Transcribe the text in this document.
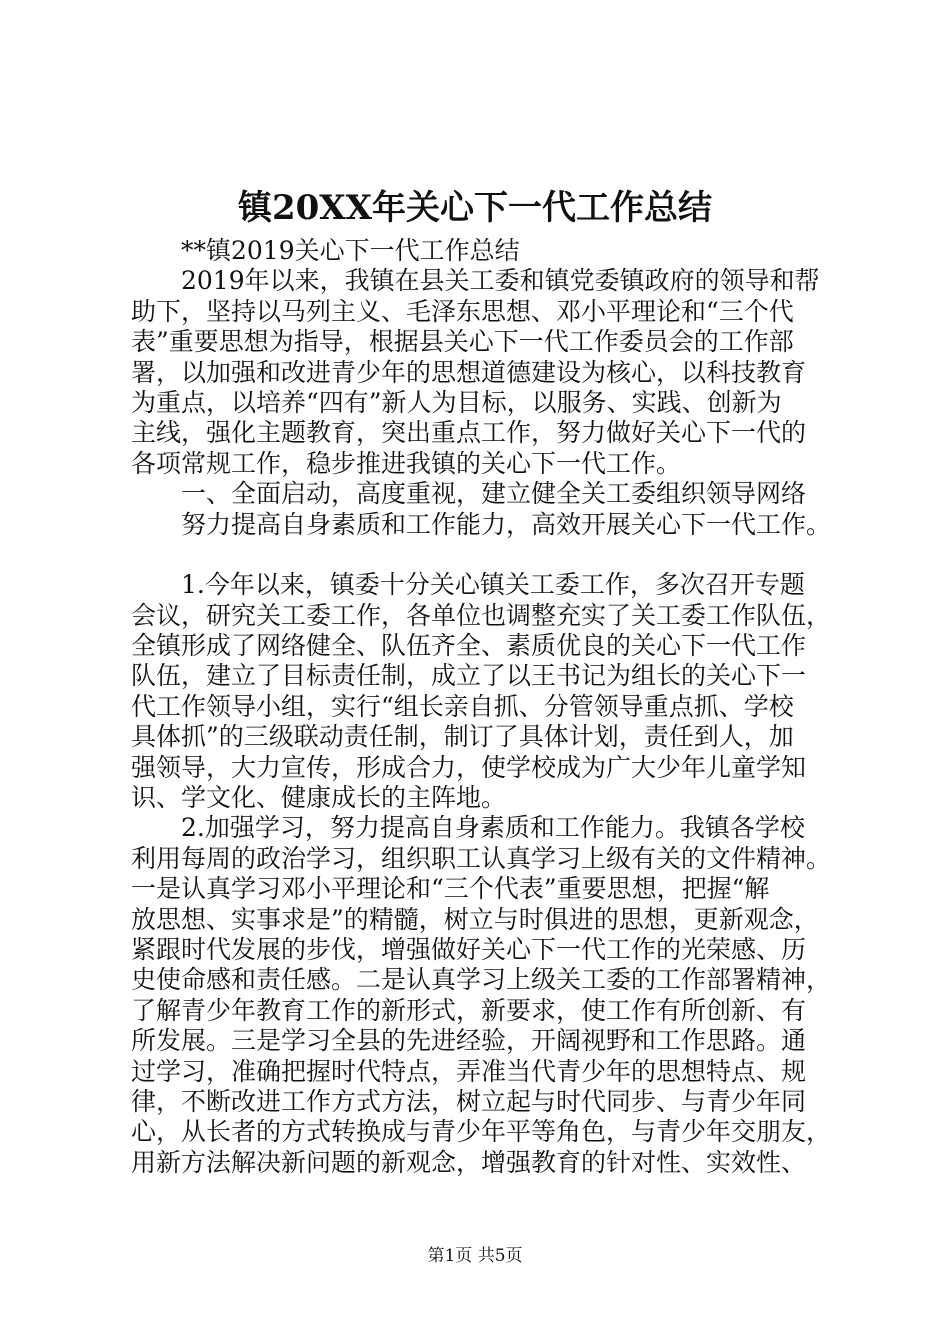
镇20XX年关心下一代工作总结
　　**镇2019关心下一代工作总结
　　2019年以来，我镇在县关工委和镇党委镇政府的领导和帮
助下，坚持以马列主义、毛泽东思想、邓小平理论和“三个代
表”重要思想为指导，根据县关心下一代工作委员会的工作部
署，以加强和改进青少年的思想道德建设为核心，以科技教育
为重点，以培养“四有”新人为目标，以服务、实践、创新为
主线，强化主题教育，突出重点工作，努力做好关心下一代的
各项常规工作，稳步推进我镇的关心下一代工作。
　　一、全面启动，高度重视，建立健全关工委组织领导网络
　　努力提高自身素质和工作能力，高效开展关心下一代工作。
　　1.今年以来，镇委十分关心镇关工委工作，多次召开专题
会议，研究关工委工作，各单位也调整充实了关工委工作队伍，
全镇形成了网络健全、队伍齐全、素质优良的关心下一代工作
队伍，建立了目标责任制，成立了以王书记为组长的关心下一
代工作领导小组，实行“组长亲自抓、分管领导重点抓、学校
具体抓”的三级联动责任制，制订了具体计划，责任到人，加
强领导，大力宣传，形成合力，使学校成为广大少年儿童学知
识、学文化、健康成长的主阵地。
　　2.加强学习，努力提高自身素质和工作能力。我镇各学校
利用每周的政治学习，组织职工认真学习上级有关的文件精神。
一是认真学习邓小平理论和“三个代表”重要思想，把握“解
放思想、实事求是”的精髓，树立与时俱进的思想，更新观念，
紧跟时代发展的步伐，增强做好关心下一代工作的光荣感、历
史使命感和责任感。二是认真学习上级关工委的工作部署精神，
了解青少年教育工作的新形式，新要求，使工作有所创新、有
所发展。三是学习全县的先进经验，开阔视野和工作思路。通
过学习，准确把握时代特点，弄准当代青少年的思想特点、规
律，不断改进工作方式方法，树立起与时代同步、与青少年同
心，从长者的方式转换成与青少年平等角色，与青少年交朋友，
用新方法解决新问题的新观念，增强教育的针对性、实效性、
第1页 共5页
